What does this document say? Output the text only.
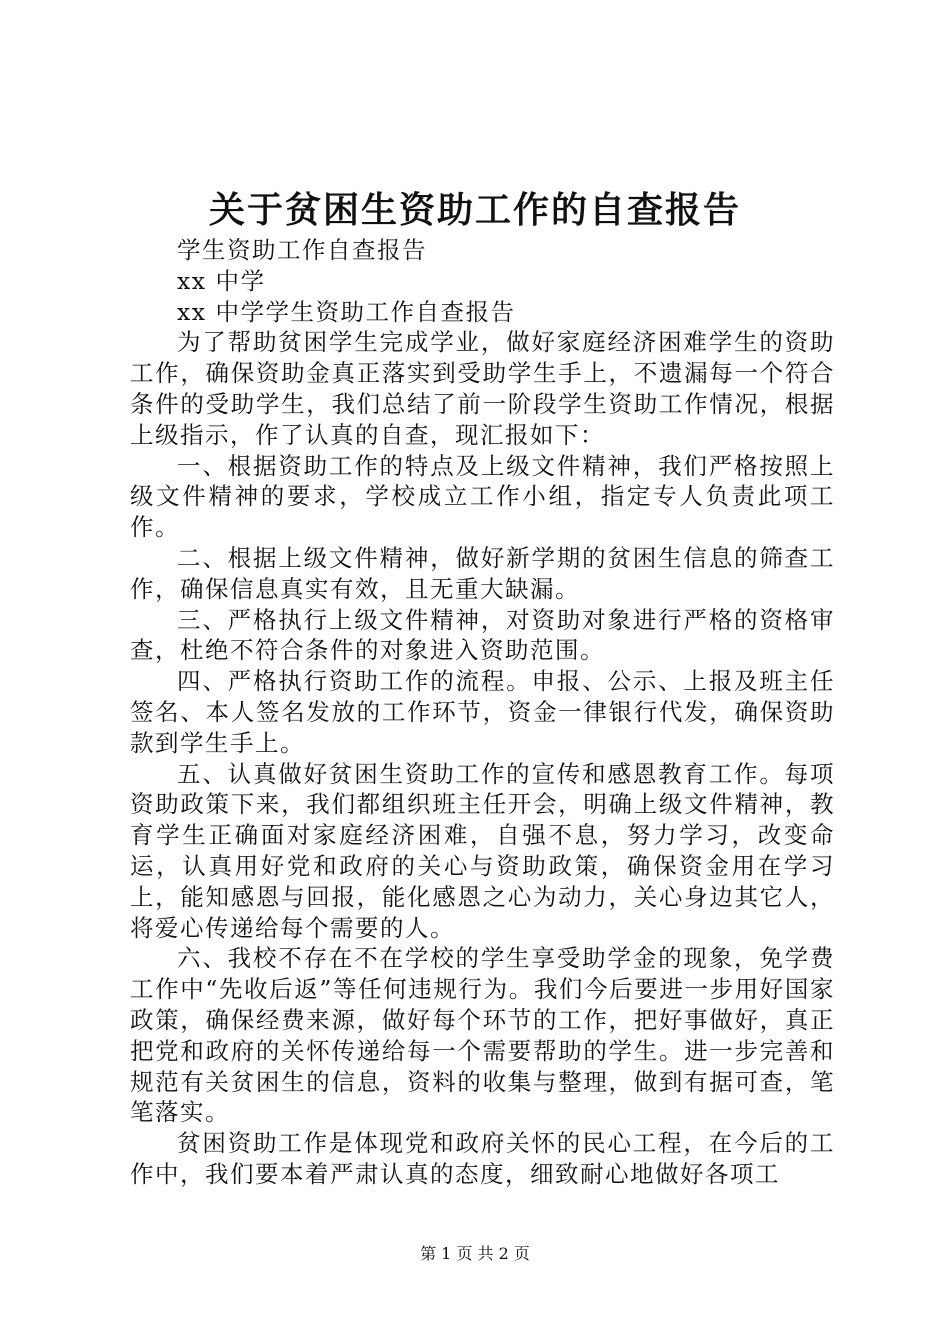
关于贫困生资助工作的自查报告

学生资助工作自查报告

xx 中学

xx 中学学生资助工作自查报告

为了帮助贫困学生完成学业，做好家庭经济困难学生的资助工作，确保资助金真正落实到受助学生手上，不遗漏每一个符合条件的受助学生，我们总结了前一阶段学生资助工作情况，根据上级指示，作了认真的自查，现汇报如下：

一、根据资助工作的特点及上级文件精神，我们严格按照上级文件精神的要求，学校成立工作小组，指定专人负责此项工作。

二、根据上级文件精神，做好新学期的贫困生信息的筛查工作，确保信息真实有效，且无重大缺漏。

三、严格执行上级文件精神，对资助对象进行严格的资格审查，杜绝不符合条件的对象进入资助范围。

四、严格执行资助工作的流程。申报、公示、上报及班主任签名、本人签名发放的工作环节，资金一律银行代发，确保资助款到学生手上。

五、认真做好贫困生资助工作的宣传和感恩教育工作。每项资助政策下来，我们都组织班主任开会，明确上级文件精神，教育学生正确面对家庭经济困难，自强不息，努力学习，改变命运，认真用好党和政府的关心与资助政策，确保资金用在学习上，能知感恩与回报，能化感恩之心为动力，关心身边其它人，将爱心传递给每个需要的人。

六、我校不存在不在学校的学生享受助学金的现象，免学费工作中“先收后返”等任何违规行为。我们今后要进一步用好国家政策，确保经费来源，做好每个环节的工作，把好事做好，真正把党和政府的关怀传递给每一个需要帮助的学生。进一步完善和规范有关贫困生的信息，资料的收集与整理，做到有据可查，笔笔落实。

贫困资助工作是体现党和政府关怀的民心工程，在今后的工作中，我们要本着严肃认真的态度，细致耐心地做好各项工

第 1 页 共 2 页
